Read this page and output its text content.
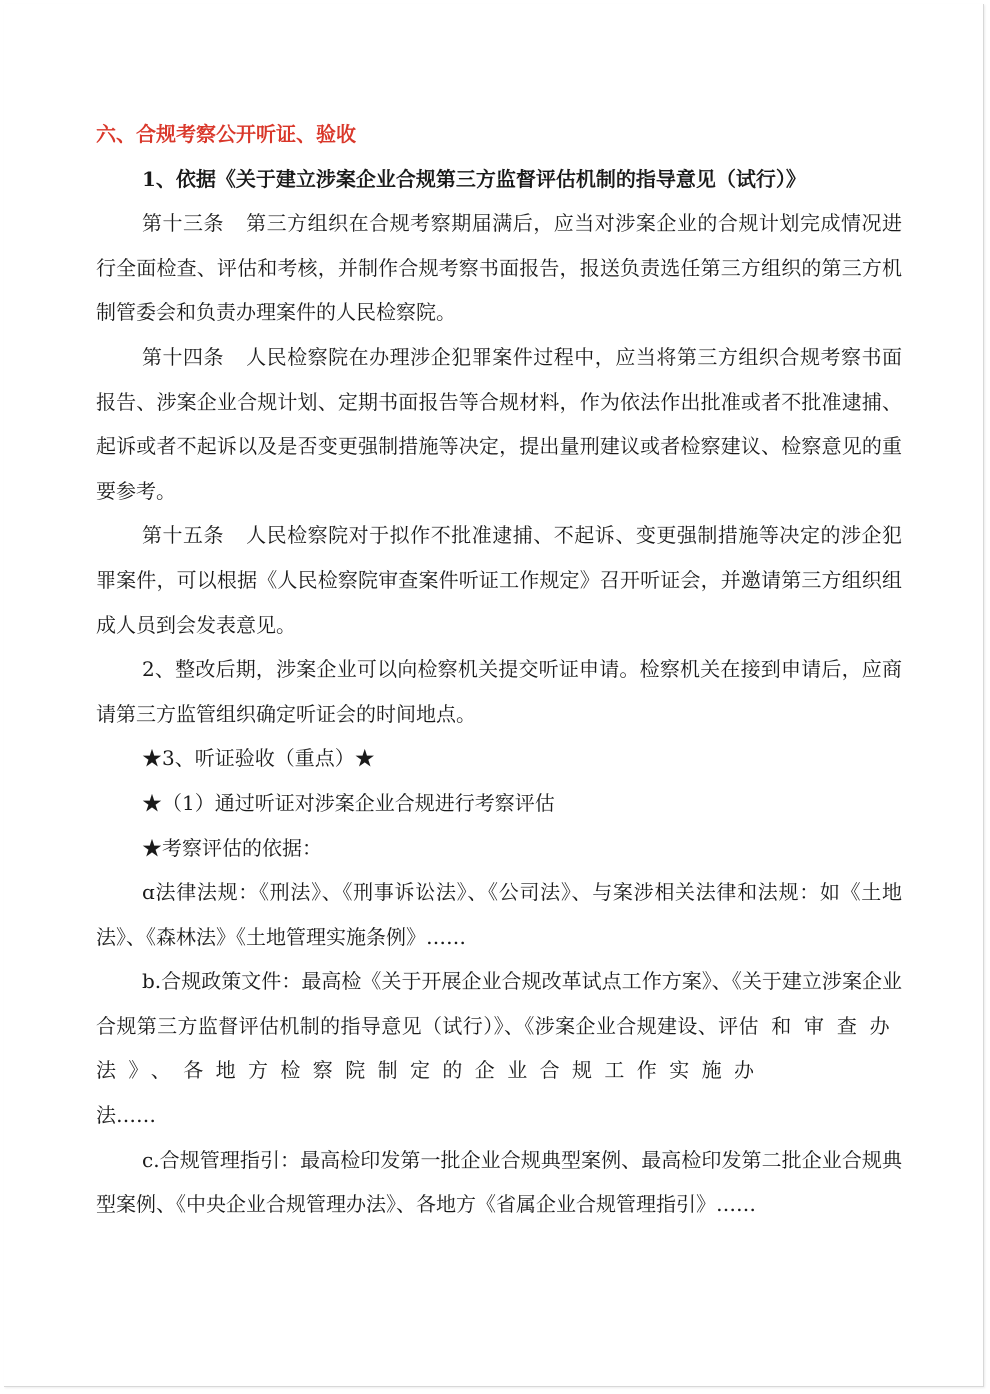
六、合规考察公开听证、验收

1、依据《关于建立涉案企业合规第三方监督评估机制的指导意见（试行）》

第十三条 第三方组织在合规考察期届满后，应当对涉案企业的合规计划完成情况进行全面检查、评估和考核，并制作合规考察书面报告，报送负责选任第三方组织的第三方机制管委会和负责办理案件的人民检察院。

第十四条 人民检察院在办理涉企犯罪案件过程中，应当将第三方组织合规考察书面报告、涉案企业合规计划、定期书面报告等合规材料，作为依法作出批准或者不批准逮捕、起诉或者不起诉以及是否变更强制措施等决定，提出量刑建议或者检察建议、检察意见的重要参考。

第十五条 人民检察院对于拟作不批准逮捕、不起诉、变更强制措施等决定的涉企犯罪案件，可以根据《人民检察院审查案件听证工作规定》召开听证会，并邀请第三方组织组成人员到会发表意见。

2、整改后期，涉案企业可以向检察机关提交听证申请。检察机关在接到申请后，应商请第三方监管组织确定听证会的时间地点。

★3、听证验收（重点）★

★（1）通过听证对涉案企业合规进行考察评估

★考察评估的依据：

ɑ法律法规：《刑法》、《刑事诉讼法》、《公司法》、与案涉相关法律和法规：如《土地法》、《森林法》《土地管理实施条例》……

b.合规政策文件：最高检《关于开展企业合规改革试点工作方案》、《关于建立涉案企业合规第三方监督评估机制的指导意见（试行）》、《涉案企业合规建设、评估和审查办法》、各地方检察院制定的企业合规工作实施办
法……

c.合规管理指引：最高检印发第一批企业合规典型案例、最高检印发第二批企业合规典型案例、《中央企业合规管理办法》、各地方《省属企业合规管理指引》……
